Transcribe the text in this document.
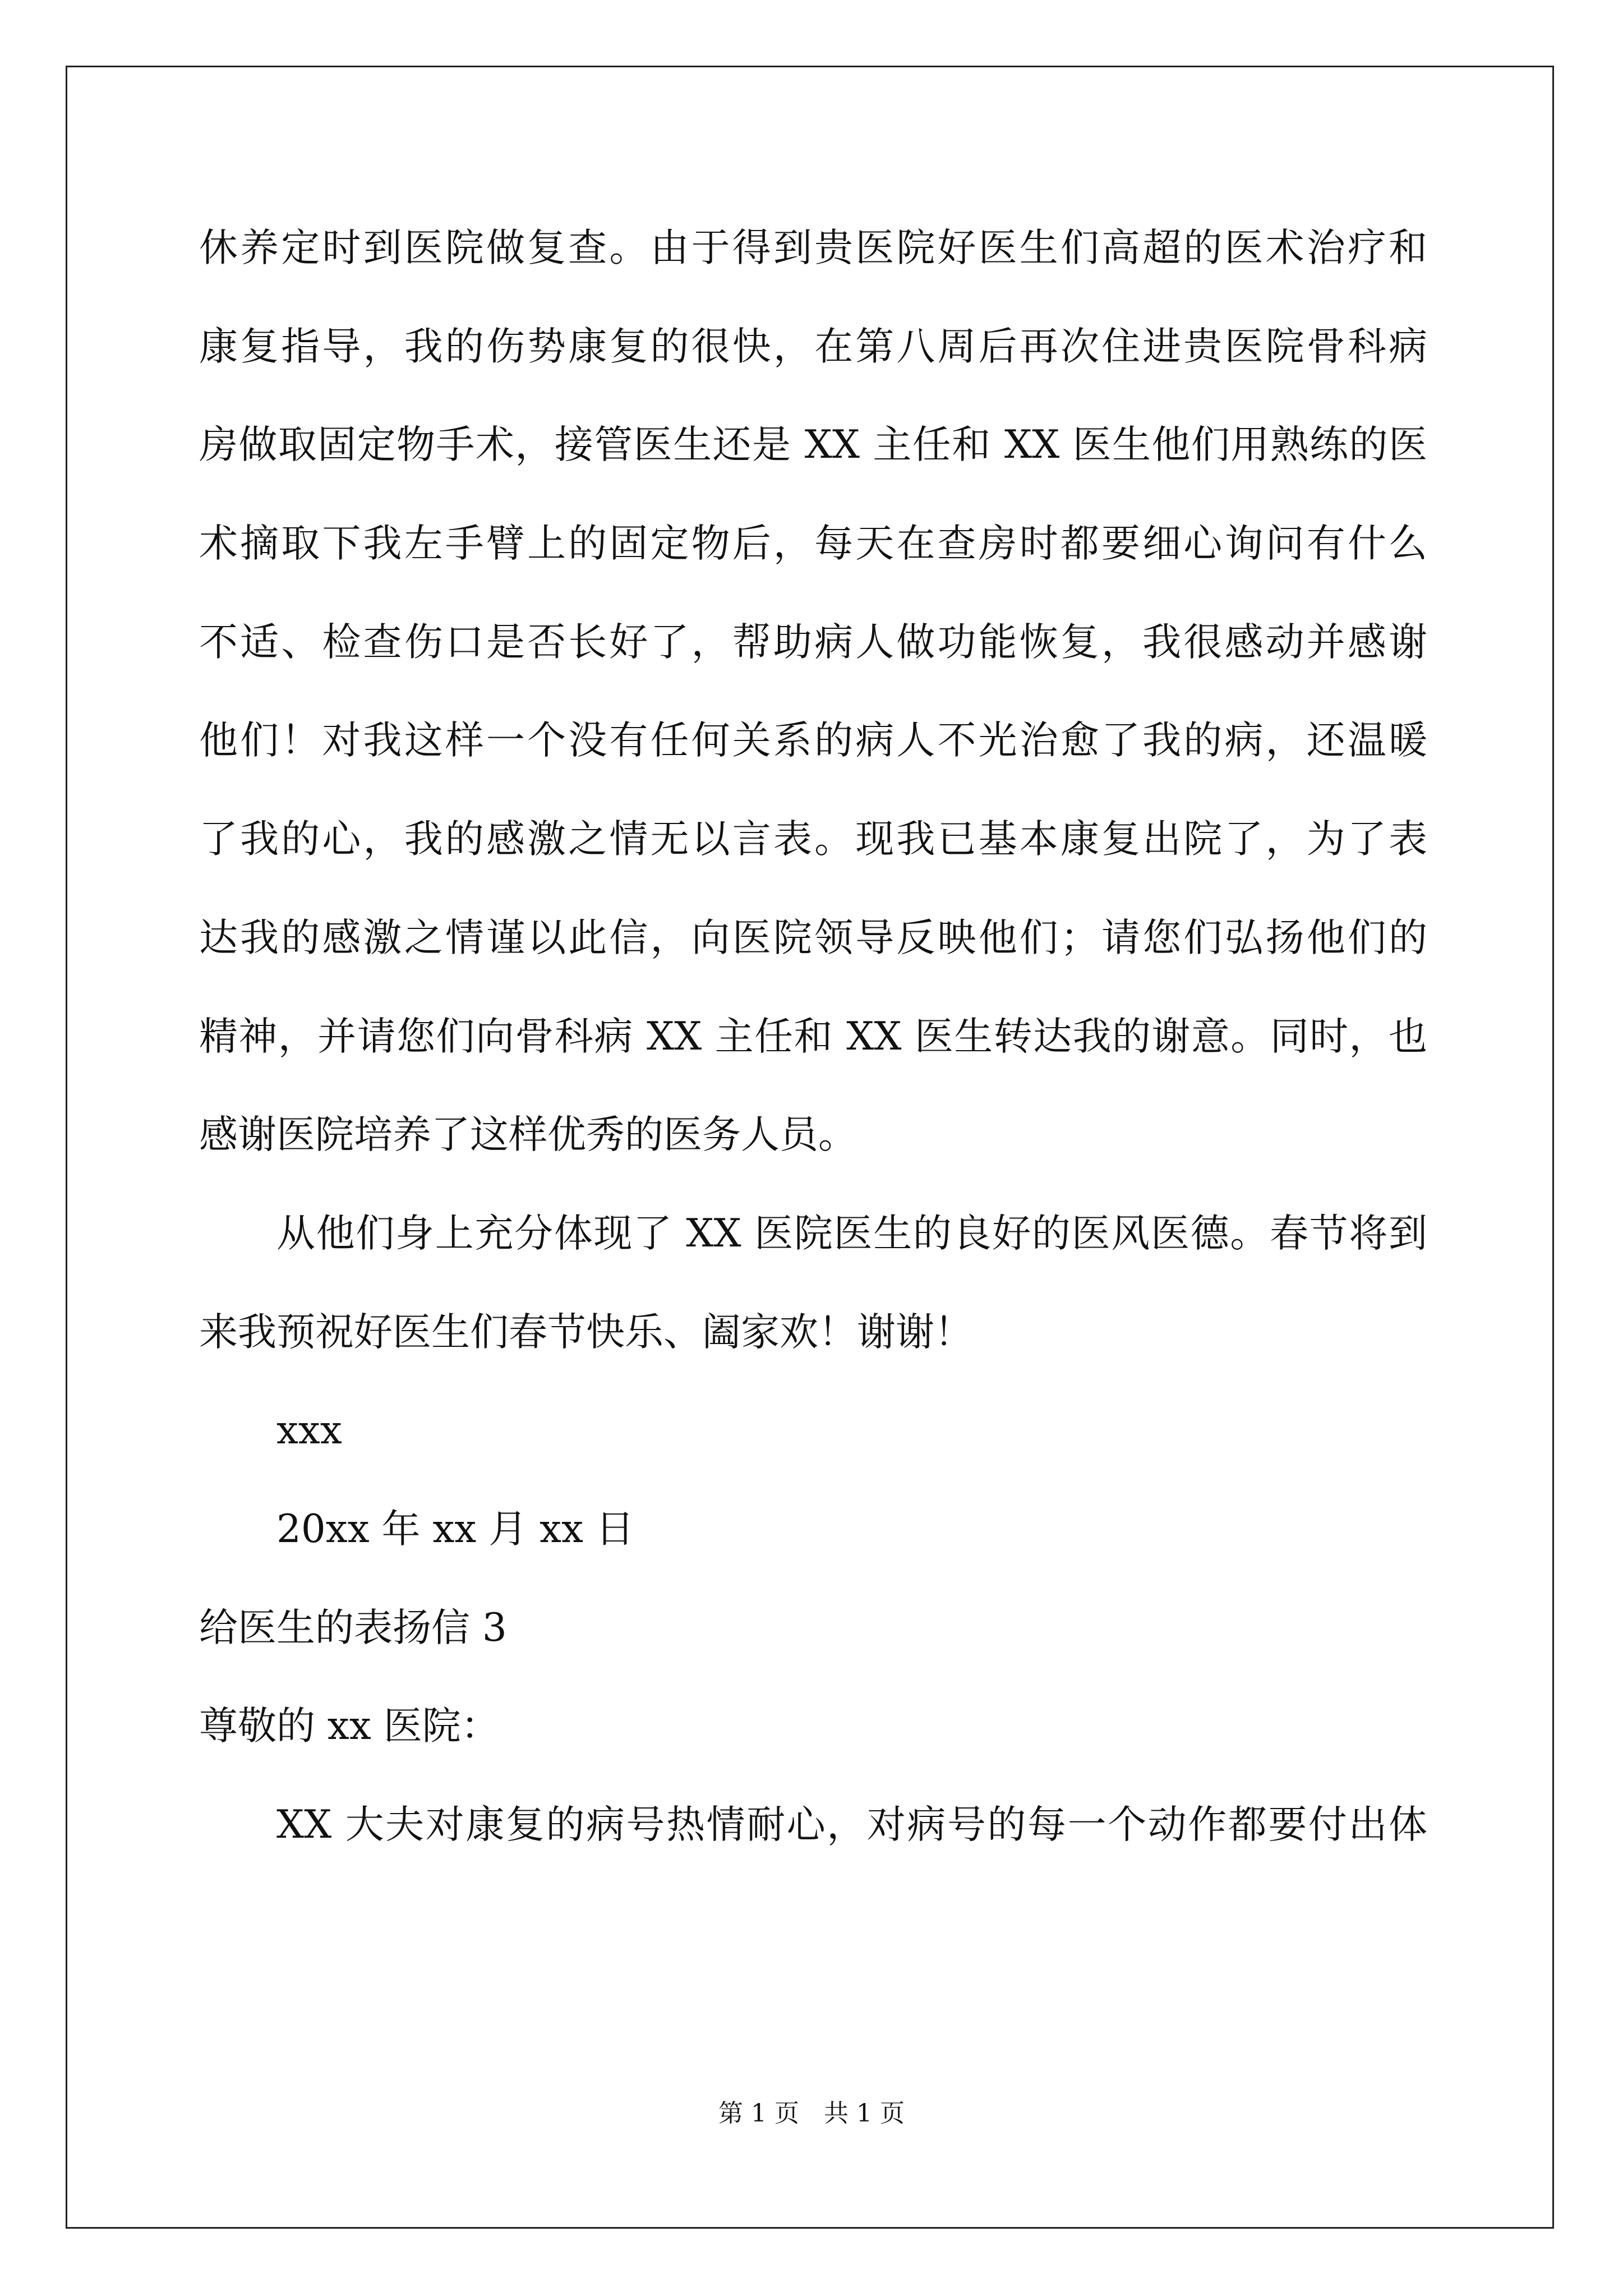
休养定时到医院做复查。由于得到贵医院好医生们高超的医术治疗和
康复指导，我的伤势康复的很快，在第八周后再次住进贵医院骨科病
房做取固定物手术，接管医生还是 XX 主任和 XX 医生他们用熟练的医
术摘取下我左手臂上的固定物后，每天在查房时都要细心询问有什么
不适、检查伤口是否长好了，帮助病人做功能恢复，我很感动并感谢
他们！对我这样一个没有任何关系的病人不光治愈了我的病，还温暖
了我的心，我的感激之情无以言表。现我已基本康复出院了，为了表
达我的感激之情谨以此信，向医院领导反映他们；请您们弘扬他们的
精神，并请您们向骨科病 XX 主任和 XX 医生转达我的谢意。同时，也
感谢医院培养了这样优秀的医务人员。
从他们身上充分体现了 XX 医院医生的良好的医风医德。春节将到
来我预祝好医生们春节快乐、阖家欢！谢谢！
xxx
20xx 年 xx 月 xx 日
给医生的表扬信 3
尊敬的 xx 医院：
XX 大夫对康复的病号热情耐心，对病号的每一个动作都要付出体
第 1 页　共 1 页
